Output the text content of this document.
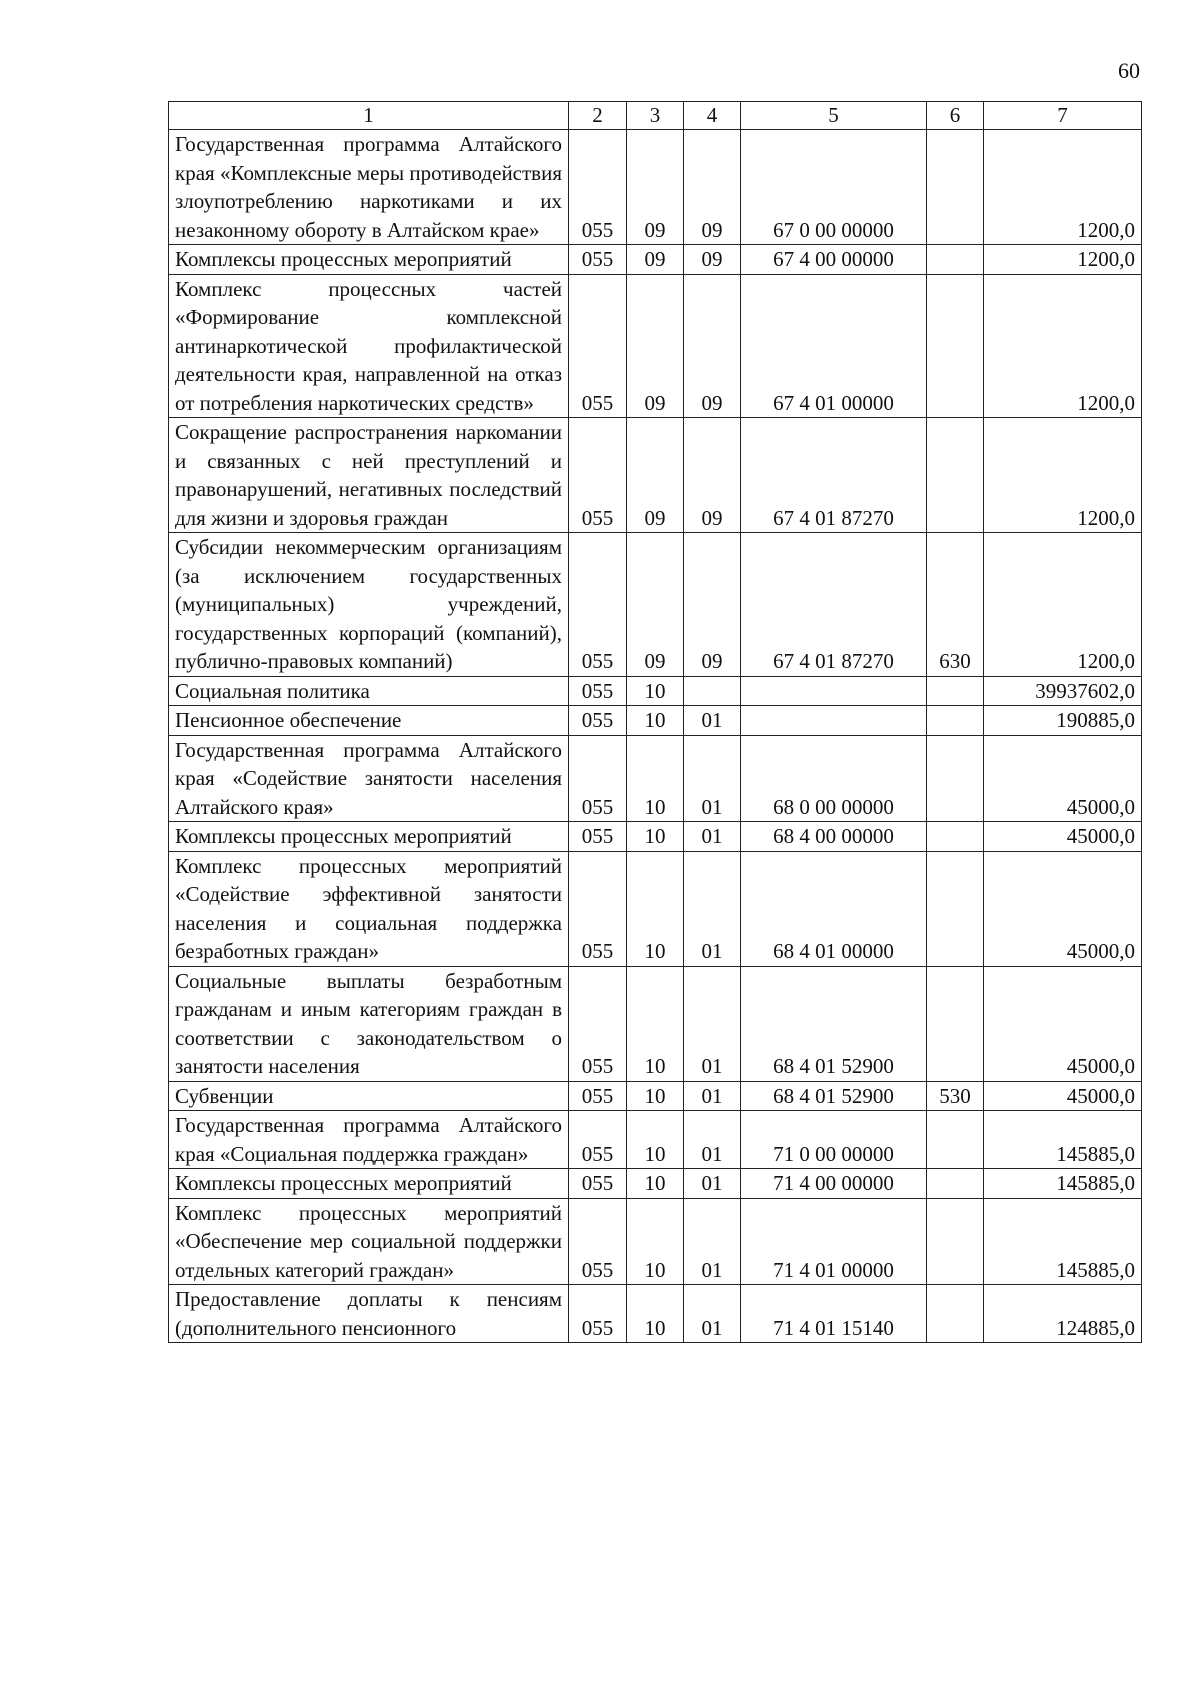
60
1	2	3	4	5	6	7
Государственная программа Алтайского края «Комплексные меры противодействия злоупотреблению наркотиками и их незаконному обороту в Алтайском крае»	055	09	09	67 0 00 00000		1200,0
Комплексы процессных мероприятий	055	09	09	67 4 00 00000		1200,0
Комплекс процессных частей «Формирование комплексной антинаркотической профилактической деятельности края, направленной на отказ от потребления наркотических средств»	055	09	09	67 4 01 00000		1200,0
Сокращение распространения наркомании и связанных с ней преступлений и правонарушений, негативных последствий для жизни и здоровья граждан	055	09	09	67 4 01 87270		1200,0
Субсидии некоммерческим организациям (за исключением государственных (муниципальных) учреждений, государственных корпораций (компаний), публично-правовых компаний)	055	09	09	67 4 01 87270	630	1200,0
Социальная политика	055	10				39937602,0
Пенсионное обеспечение	055	10	01			190885,0
Государственная программа Алтайского края «Содействие занятости населения Алтайского края»	055	10	01	68 0 00 00000		45000,0
Комплексы процессных мероприятий	055	10	01	68 4 00 00000		45000,0
Комплекс процессных мероприятий «Содействие эффективной занятости населения и социальная поддержка безработных граждан»	055	10	01	68 4 01 00000		45000,0
Социальные выплаты безработным гражданам и иным категориям граждан в соответствии с законодательством о занятости населения	055	10	01	68 4 01 52900		45000,0
Субвенции	055	10	01	68 4 01 52900	530	45000,0
Государственная программа Алтайского края «Социальная поддержка граждан»	055	10	01	71 0 00 00000		145885,0
Комплексы процессных мероприятий	055	10	01	71 4 00 00000		145885,0
Комплекс процессных мероприятий «Обеспечение мер социальной поддержки отдельных категорий граждан»	055	10	01	71 4 01 00000		145885,0
Предоставление доплаты к пенсиям (дополнительного пенсионного	055	10	01	71 4 01 15140		124885,0
